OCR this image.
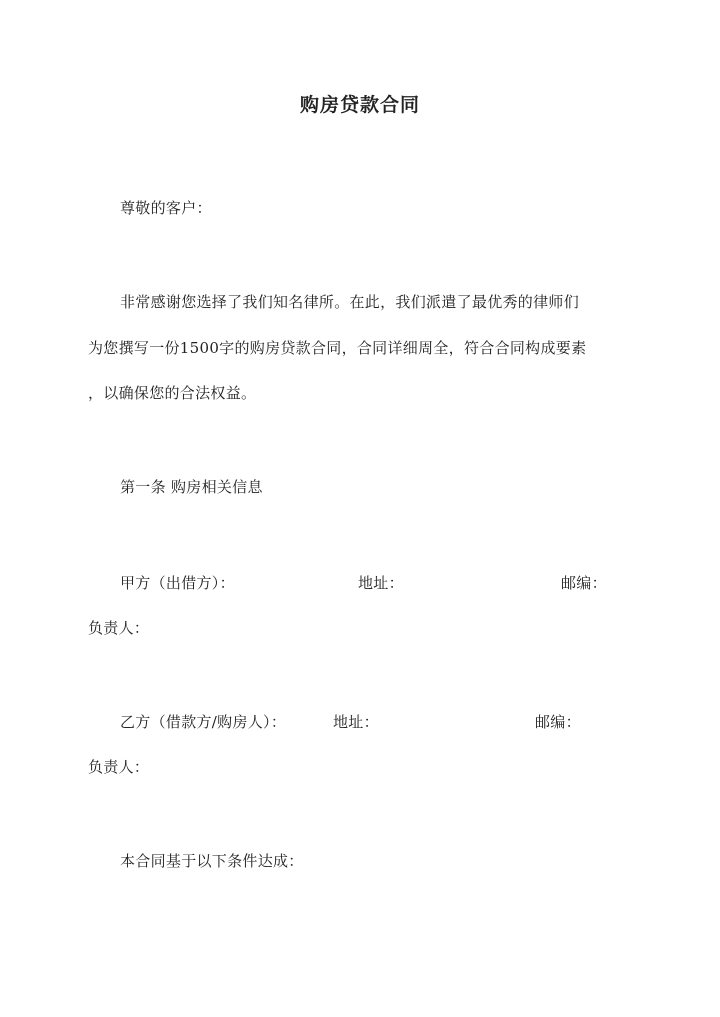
购房贷款合同
尊敬的客户：
非常感谢您选择了我们知名律所。在此，我们派遣了最优秀的律师们
为您撰写一份1500字的购房贷款合同，合同详细周全，符合合同构成要素
，以确保您的合法权益。
第一条 购房相关信息
甲方（出借方）：	地址：	邮编：
负责人：
乙方（借款方/购房人）：	地址：	邮编：
负责人：
本合同基于以下条件达成：
